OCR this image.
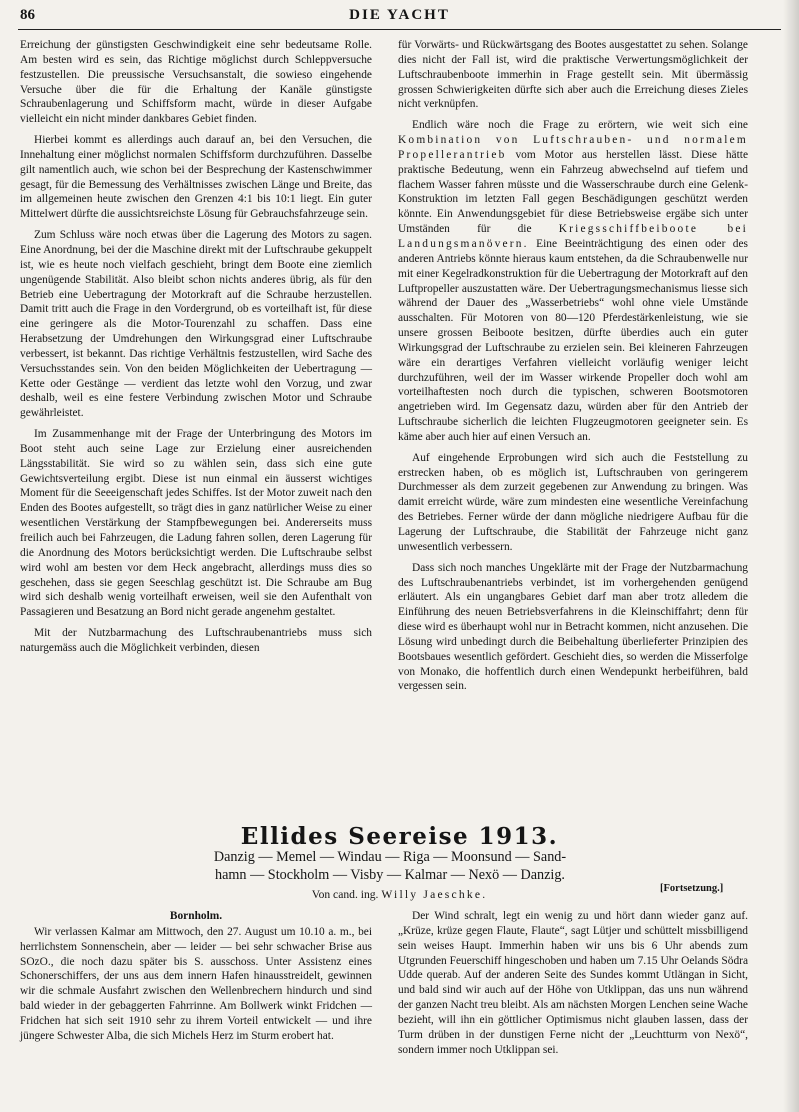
86	DIE YACHT

Erreichung der günstigsten Geschwindigkeit eine sehr bedeutsame Rolle. Am besten wird es sein, das Richtige möglichst durch Schleppversuche festzustellen. Die preussische Versuchsanstalt, die sowieso eingehende Versuche über die für die Erhaltung der Kanäle günstigste Schraubenlagerung und Schiffsform macht, würde in dieser Aufgabe vielleicht ein nicht minder dankbares Gebiet finden.

Hierbei kommt es allerdings auch darauf an, bei den Versuchen, die Innehaltung einer möglichst normalen Schiffsform durchzuführen. Dasselbe gilt namentlich auch, wie schon bei der Besprechung der Kastenschwimmer gesagt, für die Bemessung des Verhältnisses zwischen Länge und Breite, das im allgemeinen heute zwischen den Grenzen 4:1 bis 10:1 liegt. Ein guter Mittelwert dürfte die aussichtsreichste Lösung für Gebrauchsfahrzeuge sein.

Zum Schluss wäre noch etwas über die Lagerung des Motors zu sagen. Eine Anordnung, bei der die Maschine direkt mit der Luftschraube gekuppelt ist, wie es heute noch vielfach geschieht, bringt dem Boote eine ziemlich ungenügende Stabilität. Also bleibt schon nichts anderes übrig, als für den Betrieb eine Uebertragung der Motorkraft auf die Schraube herzustellen. Damit tritt auch die Frage in den Vordergrund, ob es vorteilhaft ist, für diese eine geringere als die Motor-Tourenzahl zu schaffen. Dass eine Herabsetzung der Umdrehungen den Wirkungsgrad einer Luftschraube verbessert, ist bekannt. Das richtige Verhältnis festzustellen, wird Sache des Versuchsstandes sein. Von den beiden Möglichkeiten der Uebertragung — Kette oder Gestänge — verdient das letzte wohl den Vorzug, und zwar deshalb, weil es eine festere Verbindung zwischen Motor und Schraube gewährleistet.

Im Zusammenhange mit der Frage der Unterbringung des Motors im Boot steht auch seine Lage zur Erzielung einer ausreichenden Längsstabilität. Sie wird so zu wählen sein, dass sich eine gute Gewichtsverteilung ergibt. Diese ist nun einmal ein äusserst wichtiges Moment für die Seeeigenschaft jedes Schiffes. Ist der Motor zuweit nach den Enden des Bootes aufgestellt, so trägt dies in ganz natürlicher Weise zu einer wesentlichen Verstärkung der Stampfbewegungen bei. Andererseits muss freilich auch bei Fahrzeugen, die Ladung fahren sollen, deren Lagerung für die Anordnung des Motors berücksichtigt werden. Die Luftschraube selbst wird wohl am besten vor dem Heck angebracht, allerdings muss dies so geschehen, dass sie gegen Seeschlag geschützt ist. Die Schraube am Bug wird sich deshalb wenig vorteilhaft erweisen, weil sie den Aufenthalt von Passagieren und Besatzung an Bord nicht gerade angenehm gestaltet.

Mit der Nutzbarmachung des Luftschraubenantriebs muss sich naturgemäss auch die Möglichkeit verbinden, diesen

für Vorwärts- und Rückwärtsgang des Bootes ausgestattet zu sehen. Solange dies nicht der Fall ist, wird die praktische Verwertungsmöglichkeit der Luftschraubenboote immerhin in Frage gestellt sein. Mit übermässig grossen Schwierigkeiten dürfte sich aber auch die Erreichung dieses Zieles nicht verknüpfen.

Endlich wäre noch die Frage zu erörtern, wie weit sich eine Kombination von Luftschrauben- und normalem Propellerantrieb vom Motor aus herstellen lässt. Diese hätte praktische Bedeutung, wenn ein Fahrzeug abwechselnd auf tiefem und flachem Wasser fahren müsste und die Wasserschraube durch eine Gelenk-Konstruktion im letzten Fall gegen Beschädigungen geschützt werden könnte. Ein Anwendungsgebiet für diese Betriebsweise ergäbe sich unter Umständen für die Kriegsschiffbeiboote bei Landungsmanövern. Eine Beeinträchtigung des einen oder des anderen Antriebs könnte hieraus kaum entstehen, da die Schraubenwelle nur mit einer Kegelradkonstruktion für die Uebertragung der Motorkraft auf den Luftpropeller auszustatten wäre. Der Uebertragungsmechanismus liesse sich während der Dauer des „Wasserbetriebs“ wohl ohne viele Umstände ausschalten. Für Motoren von 80—120 Pferdestärkenleistung, wie sie unsere grossen Beiboote besitzen, dürfte überdies auch ein guter Wirkungsgrad der Luftschraube zu erzielen sein. Bei kleineren Fahrzeugen wäre ein derartiges Verfahren vielleicht vorläufig weniger leicht durchzuführen, weil der im Wasser wirkende Propeller doch wohl am vorteilhaftesten noch durch die typischen, schweren Bootsmotoren angetrieben wird. Im Gegensatz dazu, würden aber für den Antrieb der Luftschraube sicherlich die leichten Flugzeugmotoren geeigneter sein. Es käme aber auch hier auf einen Versuch an.

Auf eingehende Erprobungen wird sich auch die Feststellung zu erstrecken haben, ob es möglich ist, Luftschrauben von geringerem Durchmesser als dem zurzeit gegebenen zur Anwendung zu bringen. Was damit erreicht würde, wäre zum mindesten eine wesentliche Vereinfachung des Betriebes. Ferner würde der dann mögliche niedrigere Aufbau für die Lagerung der Luftschraube, die Stabilität der Fahrzeuge nicht ganz unwesentlich verbessern.

Dass sich noch manches Ungeklärte mit der Frage der Nutzbarmachung des Luftschraubenantriebs verbindet, ist im vorhergehenden genügend erläutert. Als ein ungangbares Gebiet darf man aber trotz alledem die Einführung des neuen Betriebsverfahrens in die Kleinschiffahrt; denn für diese wird es überhaupt wohl nur in Betracht kommen, nicht anzusehen. Die Lösung wird unbedingt durch die Beibehaltung überlieferter Prinzipien des Bootsbaues wesentlich gefördert. Geschieht dies, so werden die Misserfolge von Monako, die hoffentlich durch einen Wendepunkt herbeiführen, bald vergessen sein.

Ellides Seereise 1913.
Danzig — Memel — Windau — Riga — Moonsund — Sand-
hamn — Stockholm — Visby — Kalmar — Nexö — Danzig.
Von cand. ing. Willy Jaeschke.	[Fortsetzung.]
Bornholm.

Wir verlassen Kalmar am Mittwoch, den 27. August um 10.10 a. m., bei herrlichstem Sonnenschein, aber — leider — bei sehr schwacher Brise aus SOzO., die noch dazu später bis S. ausschoss. Unter Assistenz eines Schonerschiffers, der uns aus dem innern Hafen hinausstreidelt, gewinnen wir die schmale Ausfahrt zwischen den Wellenbrechern hindurch und sind bald wieder in der gebaggerten Fahrrinne. Am Bollwerk winkt Fridchen — Fridchen hat sich seit 1910 sehr zu ihrem Vorteil entwickelt — und ihre jüngere Schwester Alba, die sich Michels Herz im Sturm erobert hat.

Der Wind schralt, legt ein wenig zu und hört dann wieder ganz auf. „Krüze, krüze gegen Flaute, Flaute“, sagt Lütjer und schüttelt missbilligend sein weises Haupt. Immerhin haben wir uns bis 6 Uhr abends zum Utgrunden Feuerschiff hingeschoben und haben um 7.15 Uhr Oelands Södra Udde querab. Auf der anderen Seite des Sundes kommt Utlängan in Sicht, und bald sind wir auch auf der Höhe von Utklippan, das uns nun während der ganzen Nacht treu bleibt. Als am nächsten Morgen Lenchen seine Wache bezieht, will ihn ein göttlicher Optimismus nicht glauben lassen, dass der Turm drüben in der dunstigen Ferne nicht der „Leuchtturm von Nexö“, sondern immer noch Utklippan sei.
